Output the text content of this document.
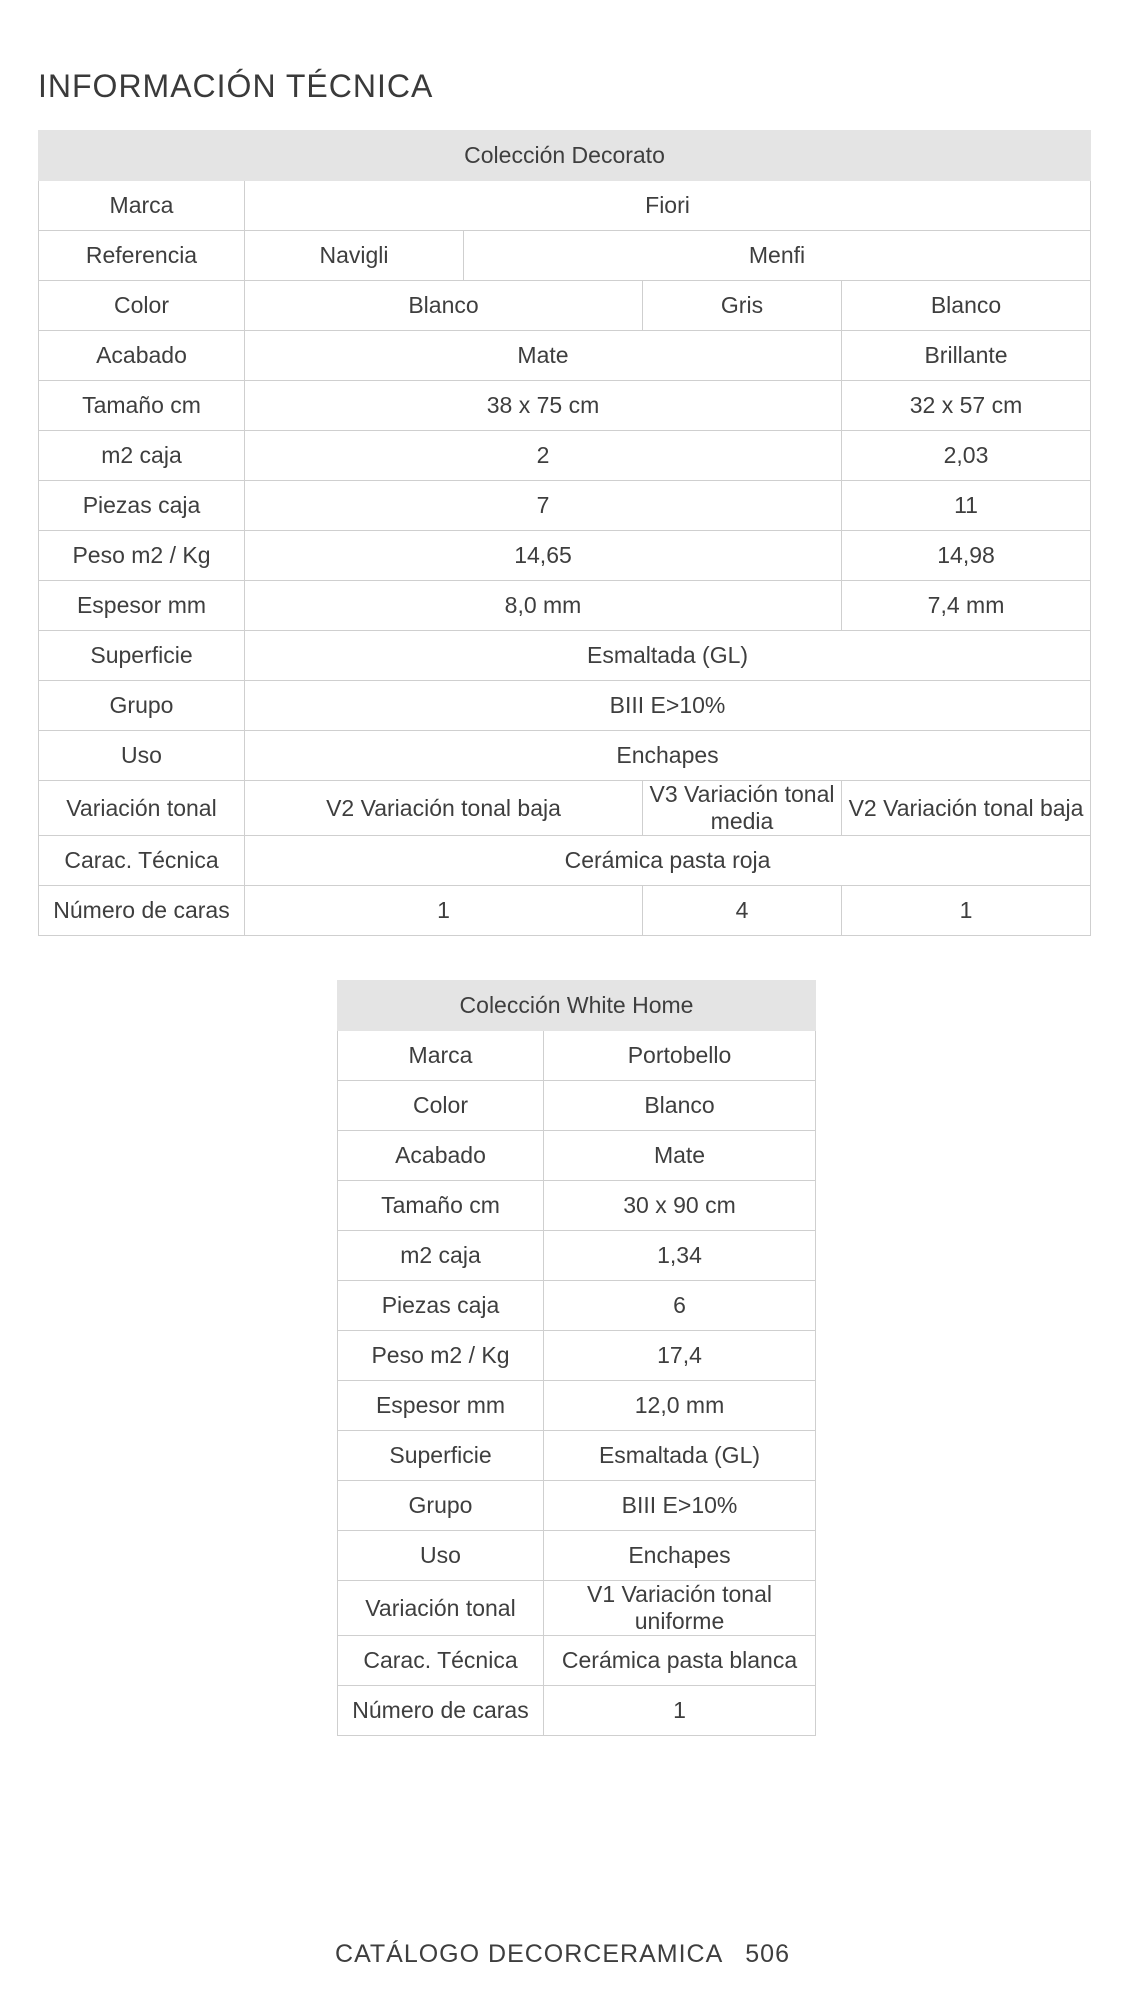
INFORMACIÓN TÉCNICA
Colección Decorato				
Marca	Fiori			
Referencia	Navigli	Menfi		
Color	Blanco		Gris	Blanco
Acabado	Mate			Brillante
Tamaño cm	38 x 75 cm			32 x 57 cm
m2 caja	2			2,03
Piezas caja	7			11
Peso m2 / Kg	14,65			14,98
Espesor mm	8,0 mm			7,4 mm
Superficie	Esmaltada (GL)			
Grupo	BIII E>10%			
Uso	Enchapes			
Variación tonal	V2 Variación tonal baja		V3 Variación tonal media	V2 Variación tonal baja
Carac. Técnica	Cerámica pasta roja			
Número de caras	1		4	1
Colección White Home	
Marca	Portobello
Color	Blanco
Acabado	Mate
Tamaño cm	30 x 90 cm
m2 caja	1,34
Piezas caja	6
Peso m2 / Kg	17,4
Espesor mm	12,0 mm
Superficie	Esmaltada (GL)
Grupo	BIII E>10%
Uso	Enchapes
Variación tonal	V1 Variación tonal uniforme
Carac. Técnica	Cerámica pasta blanca
Número de caras	1
CATÁLOGO DECORCERAMICA 506
